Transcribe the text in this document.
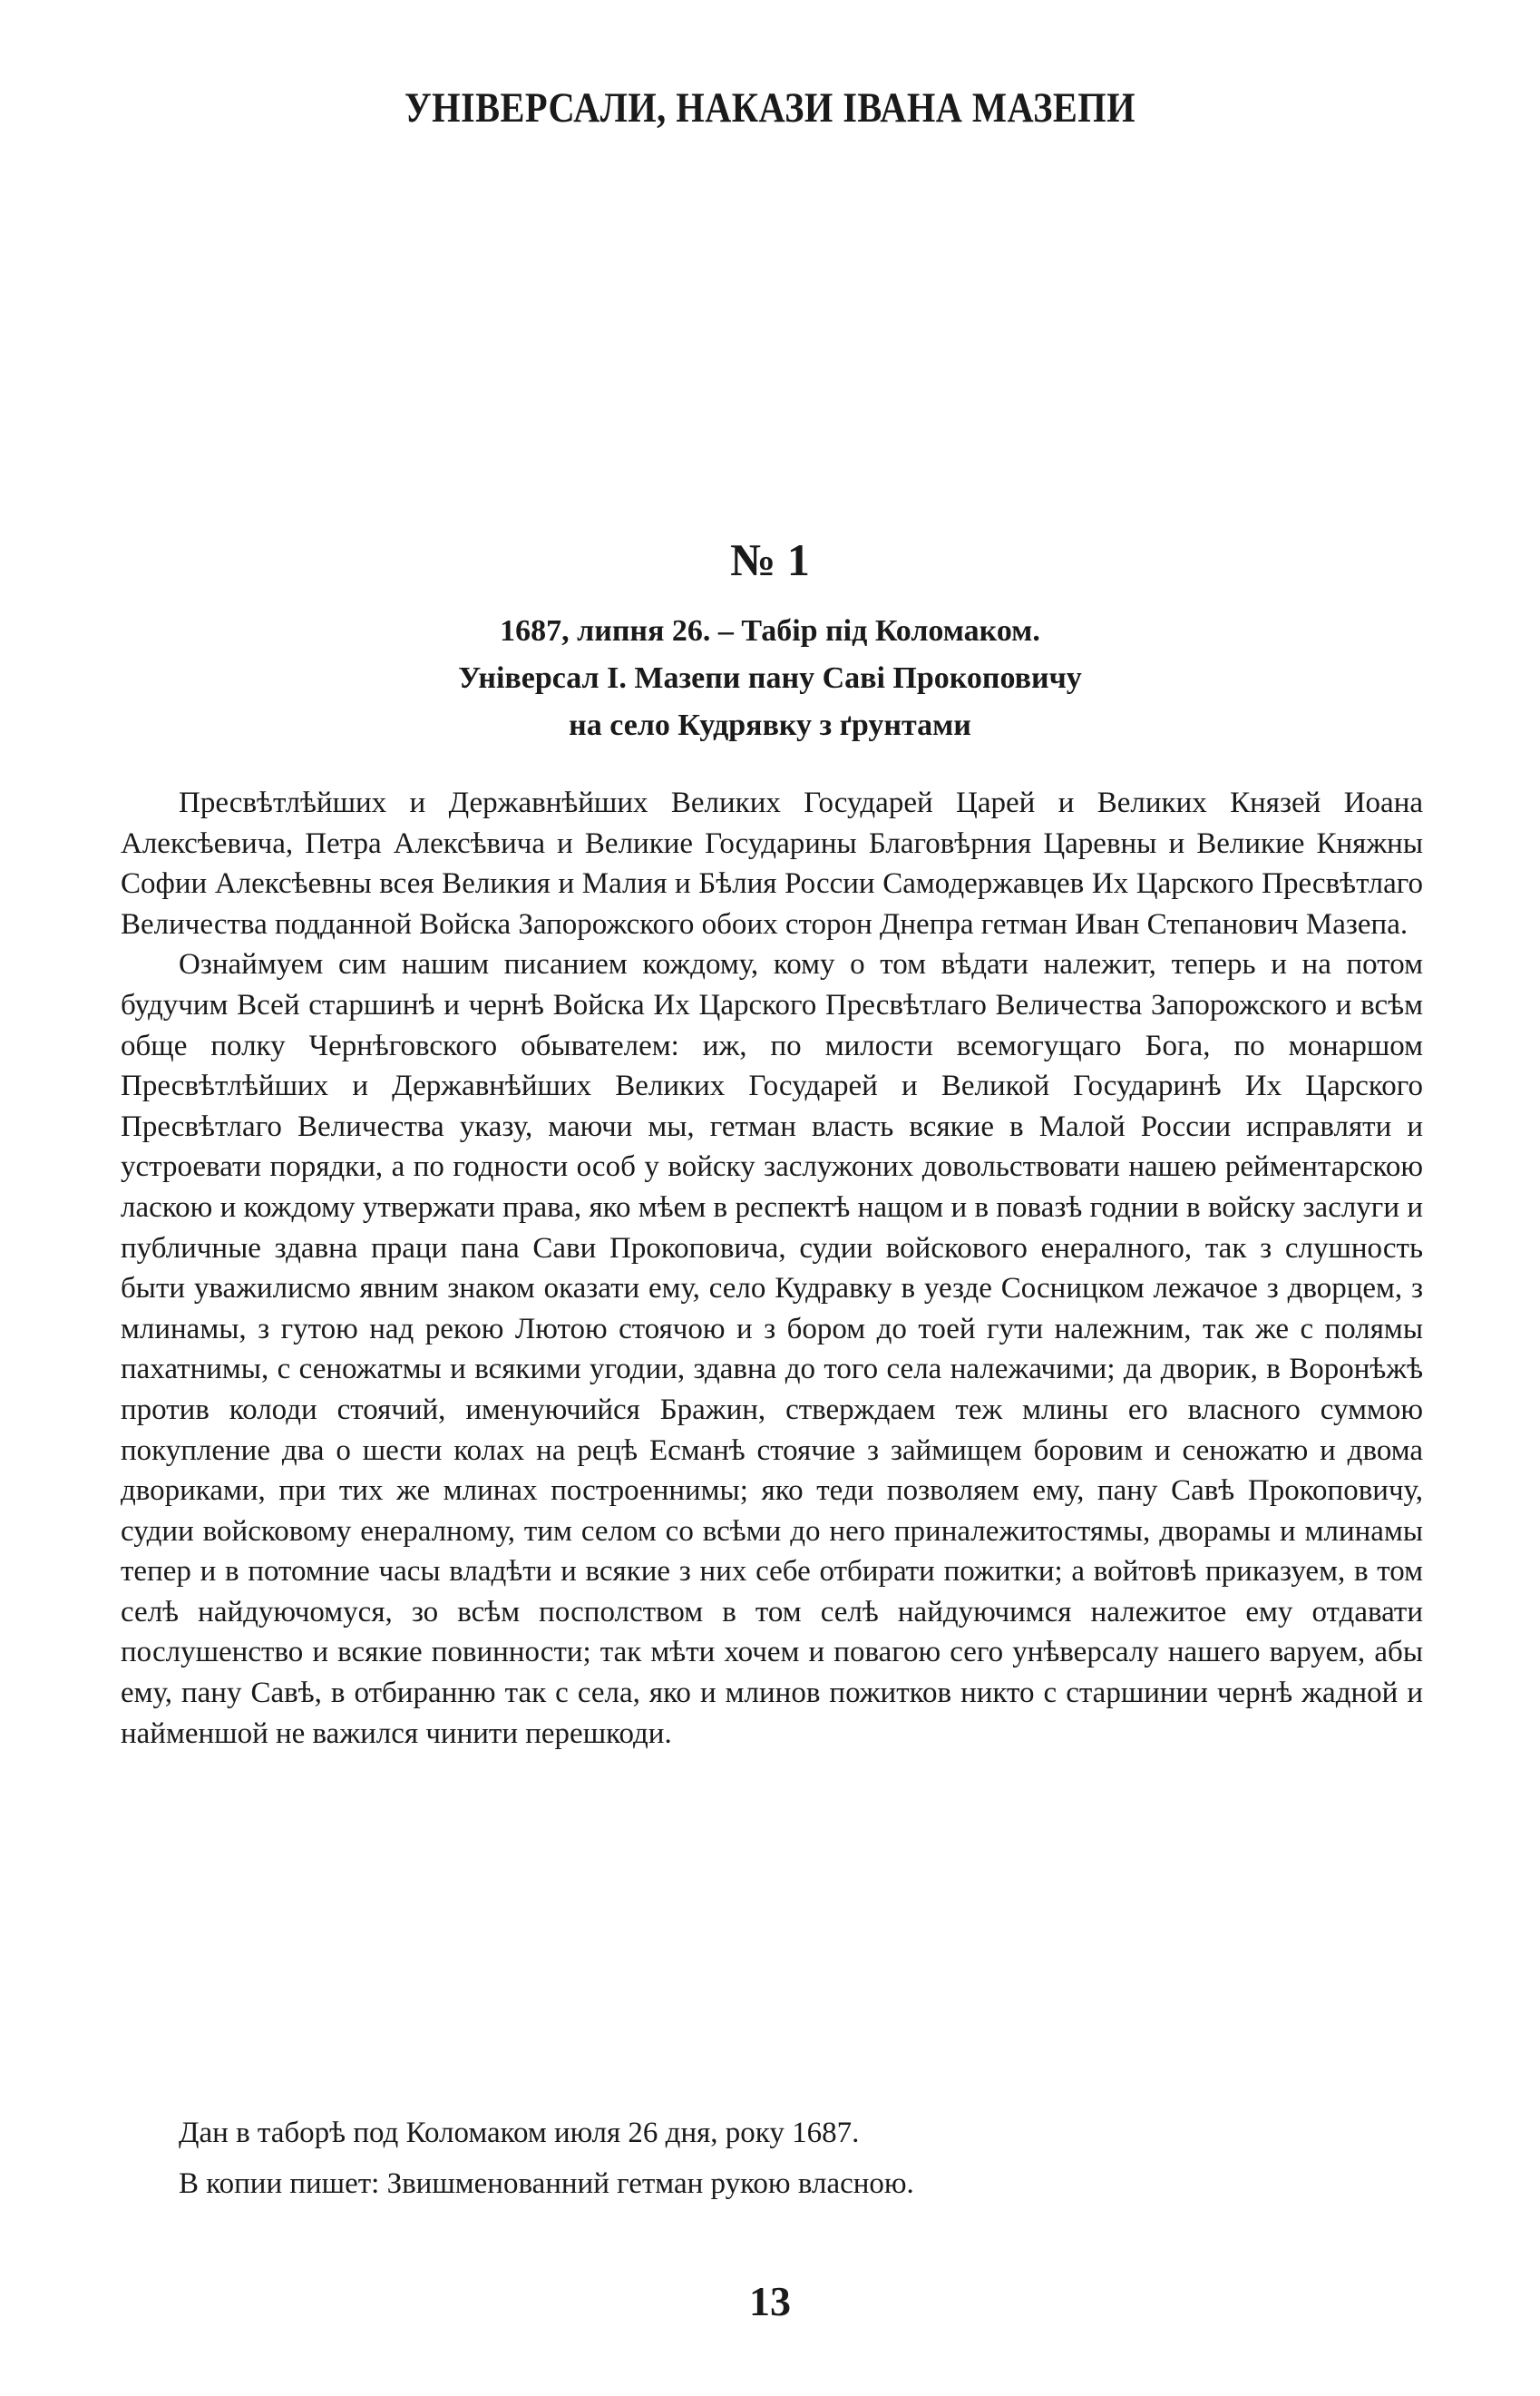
УНІВЕРСАЛИ, НАКАЗИ ІВАНА МАЗЕПИ
№ 1
1687, липня 26. – Табір під Коломаком.
Універсал І. Мазепи пану Саві Прокоповичу
на село Кудрявку з ґрунтами

Пресвѣтлѣйших и Державнѣйших Великих Государей Царей и Великих Князей Иоана Алексѣевича, Петра Алексѣвича и Великие Государины Благовѣрния Царевны и Великие Княжны Софии Алексѣевны всея Великия и Малия и Бѣлия России Самодержавцев Их Царского Пресвѣтлаго Величества подданной Войска Запорожского обоих сторон Днепра гетман Иван Степанович Мазепа.

Ознаймуем сим нашим писанием кождому, кому о том вѣдати належит, теперь и на потом будучим Всей старшинѣ и чернѣ Войска Их Царского Пресвѣтлаго Величества Запорожского и всѣм обще полку Чернѣговского обывателем: иж, по милости всемогущаго Бога, по монаршом Пресвѣтлѣйших и Державнѣйших Великих Государей и Великой Государинѣ Их Царского Пресвѣтлаго Величества указу, маючи мы, гетман власть всякие в Малой России исправляти и устроевати порядки, а по годности особ у войску заслужоних довольствовати нашею рейментарскою ласкою и кождому утвержати права, яко мѣем в респектѣ нащом и в повазѣ годнии в войску заслуги и публичные здавна праци пана Сави Прокоповича, судии войскового енералного, так з слушность быти уважилисмо явним знаком оказати ему, село Кудравку в уезде Сосницком лежачое з дворцем, з млинамы, з гутою над рекою Лютою стоячою и з бором до тоей гути належним, так же с полямы пахатнимы, с сеножатмы и всякими угодии, здавна до того села належачими; да дворик, в Воронѣжѣ против колоди стоячий, именуючийся Бражин, стверждаем теж млины его власного суммою покупление два о шести колах на рецѣ Есманѣ стоячие з займищем боровим и сеножатю и двома двориками, при тих же млинах построеннимы; яко теди позволяем ему, пану Савѣ Прокоповичу, судии войсковому енералному, тим селом со всѣми до него приналежитостямы, дворамы и млинамы тепер и в потомние часы владѣти и всякие з них себе отбирати пожитки; а войтовѣ приказуем, в том селѣ найдуючомуся, зо всѣм посполством в том селѣ найдуючимся належитое ему отдавати послушенство и всякие повинности; так мѣти хочем и повагою сего унѣверсалу нашего варуем, абы ему, пану Савѣ, в отбиранню так с села, яко и млинов пожитков никто с старшинии чернѣ жадной и найменшой не важился чинити перешкоди.

Дан в таборѣ под Коломаком июля 26 дня, року 1687.

В копии пишет: Звишменованний гетман рукою власною.

13
